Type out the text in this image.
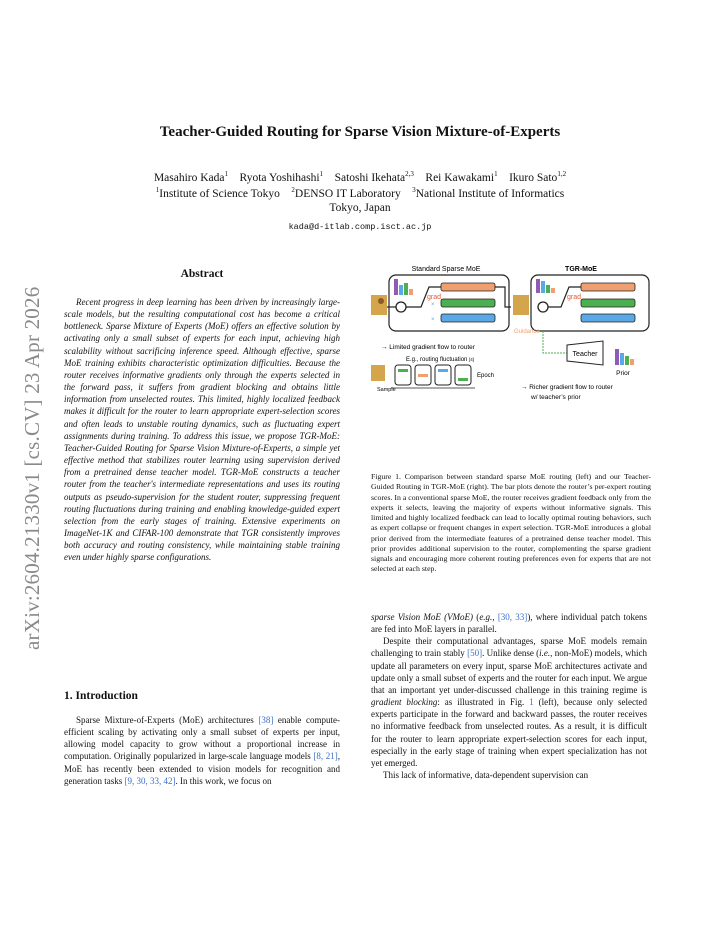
arXiv:2604.21330v1 [cs.CV] 23 Apr 2026
Teacher-Guided Routing for Sparse Vision Mixture-of-Experts
Masahiro Kada$^1$ Ryota Yoshihashi$^1$ Satoshi Ikehata$^{2,3}$ Rei Kawakami$^1$ Ikuro Sato$^{1,2}$
$^1$Institute of Science Tokyo $^2$DENSO IT Laboratory $^3$National Institute of Informatics
Tokyo, Japan
kada@d-itlab.comp.isct.ac.jp
Abstract

Recent progress in deep learning has been driven by increasingly large-scale models, but the resulting computational cost has become a critical bottleneck. Sparse Mixture of Experts (MoE) offers an effective solution by activating only a small subset of experts for each input, achieving high scalability without sacrificing inference speed. Although effective, sparse MoE training exhibits characteristic optimization difficulties. Because the router receives informative gradients only through the experts selected in the forward pass, it suffers from gradient blocking and obtains little information from unselected routes. This limited, highly localized feedback makes it difficult for the router to learn appropriate expert-selection scores and often leads to unstable routing dynamics, such as fluctuating expert assignments during training. To address this issue, we propose TGR-MoE: Teacher-Guided Routing for Sparse Vision Mixture-of-Experts, a simple yet effective method that stabilizes router learning using supervision derived from a pretrained dense teacher model. TGR-MoE constructs a teacher router from the teacher's intermediate representations and uses its routing outputs as pseudo-supervision for the student router, suppressing frequent routing fluctuations during training and enabling knowledge-guided expert selection from the early stages of training. Extensive experiments on ImageNet-1K and CIFAR-100 demonstrate that TGR consistently improves both accuracy and routing consistency, while maintaining stable training even under highly sparse configurations.

1. Introduction

Sparse Mixture-of-Experts (MoE) architectures [38] enable compute-efficient scaling by activating only a small subset of experts per input, allowing model capacity to grow without a proportional increase in computation. Originally popularized in large-scale language models [8, 21], MoE has recently been extended to vision models for recognition and generation tasks [9, 30, 33, 42]. In this work, we focus on

Standard Sparse MoE	TGR-MoE
grad
×
×
→ Limited gradient flow to router
E.g., routing fluctuation [4]
Sample
Epoch
grad
Guidance
Teacher
Prior
→ Richer gradient flow to router
w/ teacher’s prior
Figure 1. Comparison between standard sparse MoE routing (left) and our Teacher-Guided Routing in TGR-MoE (right). The bar plots denote the router’s per-expert routing scores. In a conventional sparse MoE, the router receives gradient feedback only from the experts it selects, leaving the majority of experts without informative signals. This limited and highly localized feedback can lead to locally optimal routing behaviors, such as expert collapse or frequent changes in expert selection. TGR-MoE introduces a global prior derived from the intermediate features of a pretrained dense teacher model. This prior provides additional supervision to the router, complementing the sparse gradient signals and encouraging more coherent routing preferences even for experts that are not selected at each step.

sparse Vision MoE (VMoE) (e.g., [30, 33]), where individual patch tokens are fed into MoE layers in parallel.

Despite their computational advantages, sparse MoE models remain challenging to train stably [50]. Unlike dense (i.e., non-MoE) models, which update all parameters on every input, sparse MoE architectures activate and update only a small subset of experts and the router for each input. We argue that an important yet under-discussed challenge in this training regime is gradient blocking: as illustrated in Fig. 1 (left), because only selected experts participate in the forward and backward passes, the router receives no informative feedback from unselected routes. As a result, it is difficult for the router to learn appropriate expert-selection scores for each input, especially in the early stage of training when expert specialization has not yet emerged.

This lack of informative, data-dependent supervision can
